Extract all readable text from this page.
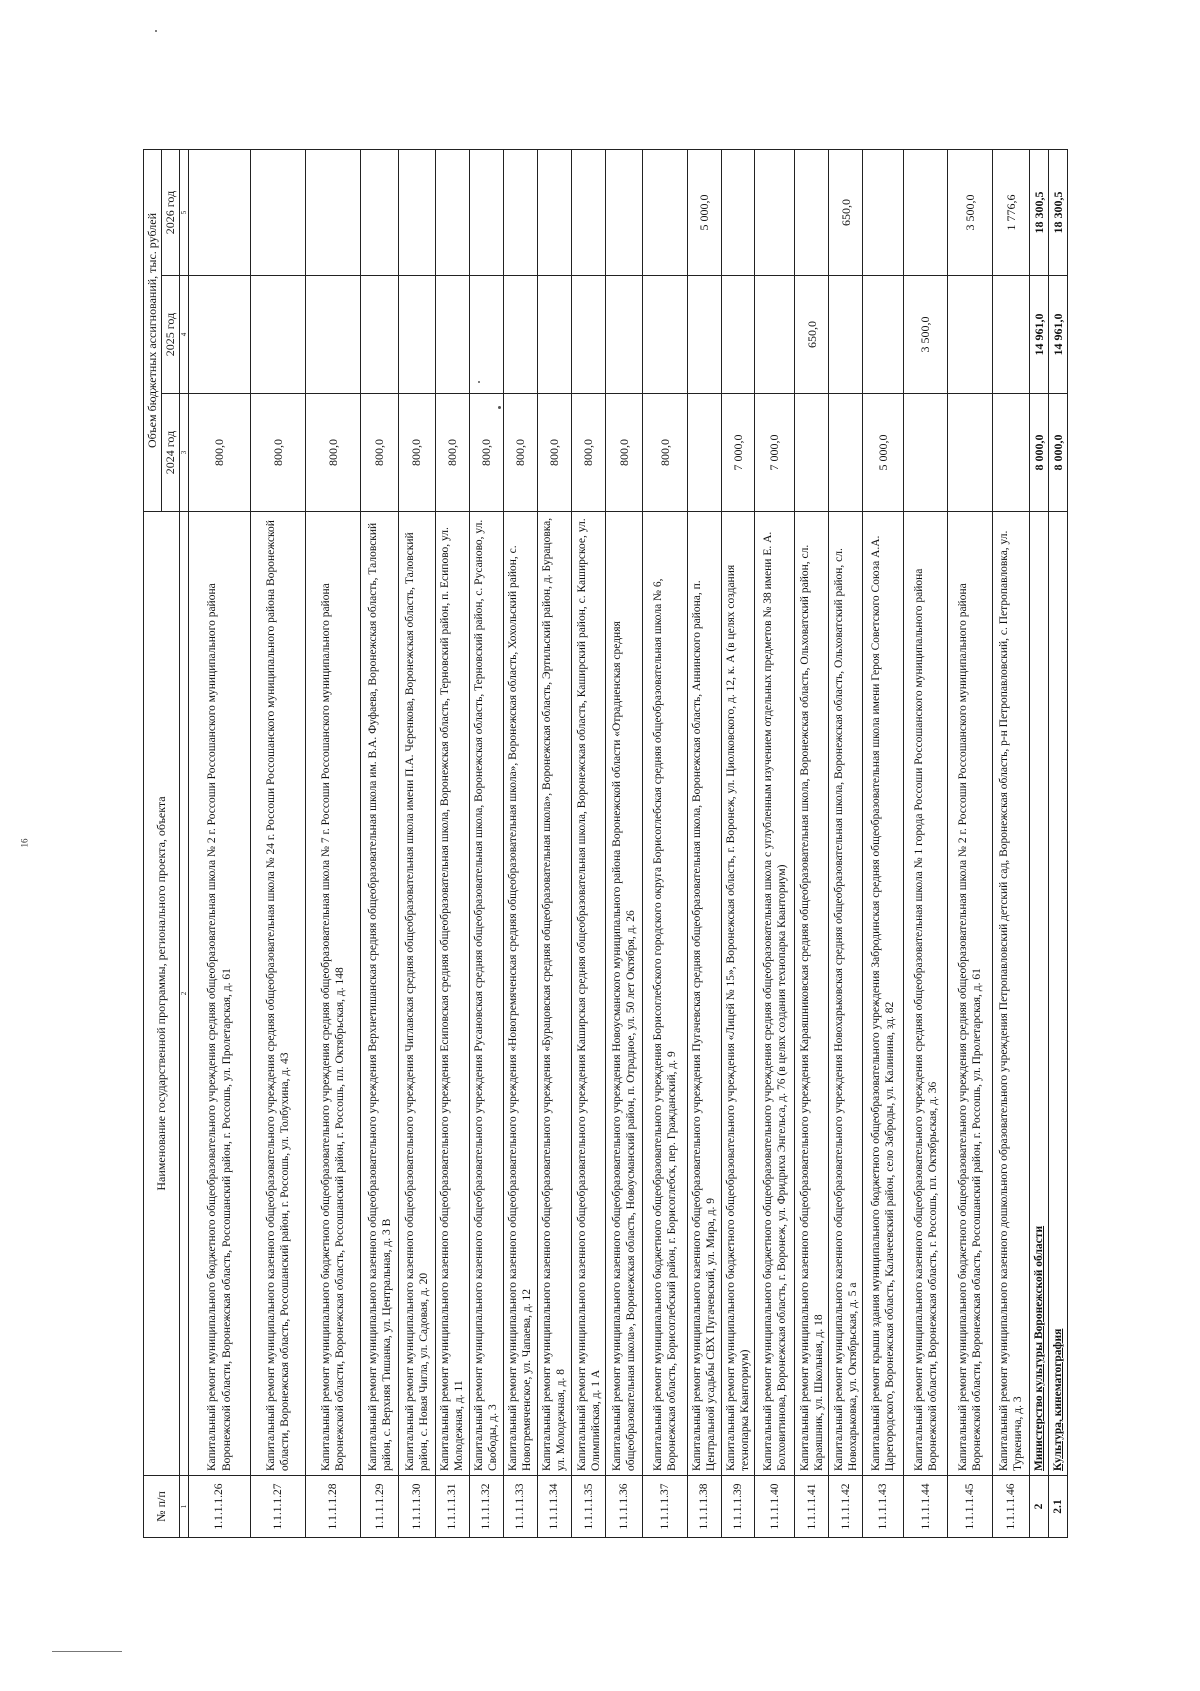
16
№ п/п	Наименование государственной программы, регионального проекта, объекта	Объем бюджетных ассигнований, тыс. рублей		
		2024 год	2025 год	2026 год
1	2	3	4	5
1.1.1.1.26	Капитальный ремонт муниципального бюджетного общеобразовательного учреждения средняя общеобразовательная школа № 2 г. Россоши Россошанского муниципального района Воронежской области, Воронежская область, Россошанский район, г. Россошь, ул. Пролетарская, д. 61	800,0		
1.1.1.1.27	Капитальный ремонт муниципального казенного общеобразовательного учреждения средняя общеобразовательная школа № 24 г. Россоши Россошанского муниципального района Воронежской области, Воронежская область, Россошанский район, г. Россошь, ул. Толбухина, д. 43	800,0		
1.1.1.1.28	Капитальный ремонт муниципального бюджетного общеобразовательного учреждения средняя общеобразовательная школа № 7 г. Россоши Россошанского муниципального района Воронежской области, Воронежская область, Россошанский район, г. Россошь, пл. Октябрьская, д. 148	800,0		
1.1.1.1.29	Капитальный ремонт муниципального казенного общеобразовательного учреждения Верхнетишанская средняя общеобразовательная школа им. В.А. Фуфаева, Воронежская область, Таловский район, с. Верхняя Тишанка, ул. Центральная, д. 3 В	800,0		
1.1.1.1.30	Капитальный ремонт муниципального казенного общеобразовательного учреждения Чиглавская средняя общеобразовательная школа имени П.А. Черенкова, Воронежская область, Таловский район, с. Новая Чигла, ул. Садовая, д. 20	800,0		
1.1.1.1.31	Капитальный ремонт муниципального казенного общеобразовательного учреждения Есиповская средняя общеобразовательная школа, Воронежская область, Терновский район, п. Есипово, ул. Молодежная, д. 11	800,0		
1.1.1.1.32	Капитальный ремонт муниципального казенного общеобразовательного учреждения Русановская средняя общеобразовательная школа, Воронежская область, Терновский район, с. Русаново, ул. Свободы, д. 3	800,0		
1.1.1.1.33	Капитальный ремонт муниципального казенного общеобразовательного учреждения «Новогремяченская средняя общеобразовательная школа», Воронежская область, Хохольский район, с. Новогремяченское, ул. Чапаева, д. 12	800,0		
1.1.1.1.34	Капитальный ремонт муниципального казенного общеобразовательного учреждения «Бурацовская средняя общеобразовательная школа», Воронежская область, Эртильский район, д. Бурацовка, ул. Молодежная, д. 8	800,0		
1.1.1.1.35	Капитальный ремонт муниципального казенного общеобразовательного учреждения Каширская средняя общеобразовательная школа, Воронежская область, Каширский район, с. Каширское, ул. Олимпийская, д. 1 А	800,0		
1.1.1.1.36	Капитальный ремонт муниципального казенного общеобразовательного учреждения Новоусманского муниципального района Воронежской области «Отрадненская средняя общеобразовательная школа», Воронежская область, Новоусманский район, п. Отрадное, ул. 50 лет Октября, д. 26	800,0		
1.1.1.1.37	Капитальный ремонт муниципального бюджетного общеобразовательного учреждения Борисоглебского городского округа Борисоглебская средняя общеобразовательная школа № 6, Воронежская область, Борисоглебский район, г. Борисоглебск, пер. Гражданский, д. 9	800,0		
1.1.1.1.38	Капитальный ремонт муниципального казенного общеобразовательного учреждения Пугачевская средняя общеобразовательная школа, Воронежская область, Аннинского района, п. Центральной усадьбы СВХ Пугачевский, ул. Мира, д. 9			5 000,0
1.1.1.1.39	Капитальный ремонт муниципального бюджетного общеобразовательного учреждения «Лицей № 15», Воронежская область, г. Воронеж, ул. Циолковского, д. 12, к. А (в целях создания технопарка Кванториум)	7 000,0		
1.1.1.1.40	Капитальный ремонт муниципального бюджетного общеобразовательного учреждения средняя общеобразовательная школа с углубленным изучением отдельных предметов № 38 имени Е. А. Болховитинова, Воронежская область, г. Воронеж, ул. Фридриха Энгельса, д. 76 (в целях создания технопарка Кванториум)	7 000,0		
1.1.1.1.41	Капитальный ремонт муниципального казенного общеобразовательного учреждения Караяшниковская средняя общеобразовательная школа, Воронежская область, Ольховатский район, сл. Караяшник, ул. Школьная, д. 18		650,0	
1.1.1.1.42	Капитальный ремонт муниципального казенного общеобразовательного учреждения Новохарьковская средняя общеобразовательная школа, Воронежская область, Ольховатский район, сл. Новохарьковка, ул. Октябрьская, д. 5 а			650,0
1.1.1.1.43	Капитальный ремонт крыши здания муниципального бюджетного общеобразовательного учреждения Забродинская средняя общеобразовательная школа имени Героя Советского Союза А.А. Царегородского, Воронежская область, Калачеевский район, село Заброды, ул. Калинина, зд. 82	5 000,0		
1.1.1.1.44	Капитальный ремонт муниципального казенного общеобразовательного учреждения средняя общеобразовательная школа № 1 города Россоши Россошанского муниципального района Воронежской области, Воронежская область, г. Россошь, пл. Октябрьская, д. 36		3 500,0	
1.1.1.1.45	Капитальный ремонт муниципального бюджетного общеобразовательного учреждения средняя общеобразовательная школа № 2 г. Россоши Россошанского муниципального района Воронежской области, Воронежская область, Россошанский район, г. Россошь, ул. Пролетарская, д. 61			3 500,0
1.1.1.1.46	Капитальный ремонт муниципального казенного дошкольного образовательного учреждения Петропавловский детский сад, Воронежская область, р-н Петропавловский, с. Петропавловка, ул. Туркенича, д. 3			1 776,6
2	Министерство культуры Воронежской области	8 000,0	14 961,0	18 300,5
2.1	Культура, кинематография	8 000,0	14 961,0	18 300,5
